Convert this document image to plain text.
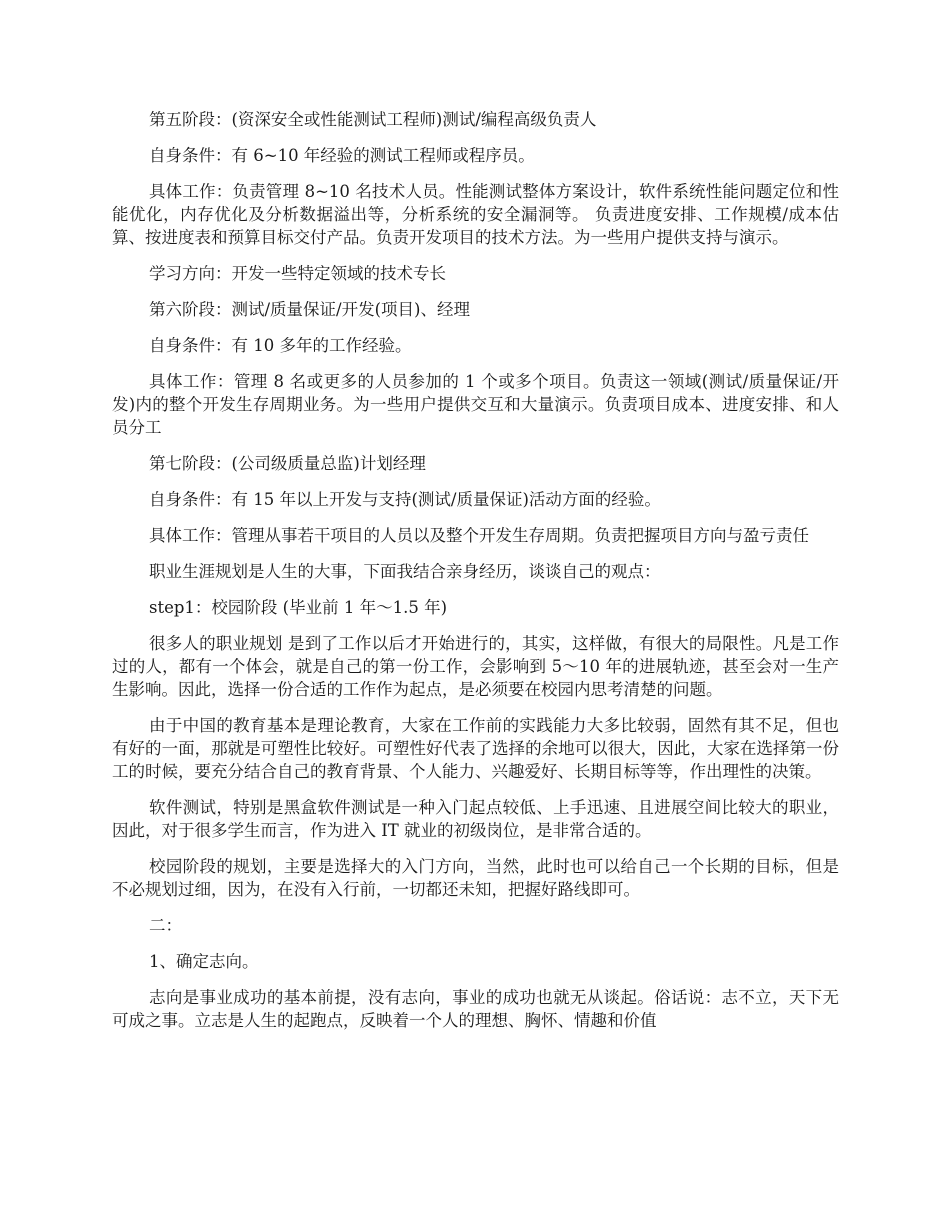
第五阶段：(资深安全或性能测试工程师)测试/编程高级负责人

自身条件：有 6~10 年经验的测试工程师或程序员。

具体工作：负责管理 8~10 名技术人员。性能测试整体方案设计，软件系统性能问题定位和性能优化，内存优化及分析数据溢出等，分析系统的安全漏洞等。 负责进度安排、工作规模/成本估算、按进度表和预算目标交付产品。负责开发项目的技术方法。为一些用户提供支持与演示。

学习方向：开发一些特定领域的技术专长

第六阶段：测试/质量保证/开发(项目)、经理

自身条件：有 10 多年的工作经验。

具体工作：管理 8 名或更多的人员参加的 1 个或多个项目。负责这一领域(测试/质量保证/开发)内的整个开发生存周期业务。为一些用户提供交互和大量演示。负责项目成本、进度安排、和人员分工

第七阶段：(公司级质量总监)计划经理

自身条件：有 15 年以上开发与支持(测试/质量保证)活动方面的经验。

具体工作：管理从事若干项目的人员以及整个开发生存周期。负责把握项目方向与盈亏责任

职业生涯规划是人生的大事，下面我结合亲身经历，谈谈自己的观点：

step1：校园阶段 (毕业前 1 年～1.5 年)

很多人的职业规划 是到了工作以后才开始进行的，其实，这样做，有很大的局限性。凡是工作过的人，都有一个体会，就是自己的第一份工作，会影响到 5～10 年的进展轨迹，甚至会对一生产生影响。因此，选择一份合适的工作作为起点，是必须要在校园内思考清楚的问题。

由于中国的教育基本是理论教育，大家在工作前的实践能力大多比较弱，固然有其不足，但也有好的一面，那就是可塑性比较好。可塑性好代表了选择的余地可以很大，因此，大家在选择第一份工的时候，要充分结合自己的教育背景、个人能力、兴趣爱好、长期目标等等，作出理性的决策。

软件测试，特别是黑盒软件测试是一种入门起点较低、上手迅速、且进展空间比较大的职业，因此，对于很多学生而言，作为进入 IT 就业的初级岗位，是非常合适的。

校园阶段的规划，主要是选择大的入门方向，当然，此时也可以给自己一个长期的目标，但是不必规划过细，因为，在没有入行前，一切都还未知，把握好路线即可。

二：

1、确定志向。

志向是事业成功的基本前提，没有志向，事业的成功也就无从谈起。俗话说：志不立，天下无可成之事。立志是人生的起跑点，反映着一个人的理想、胸怀、情趣和价值
